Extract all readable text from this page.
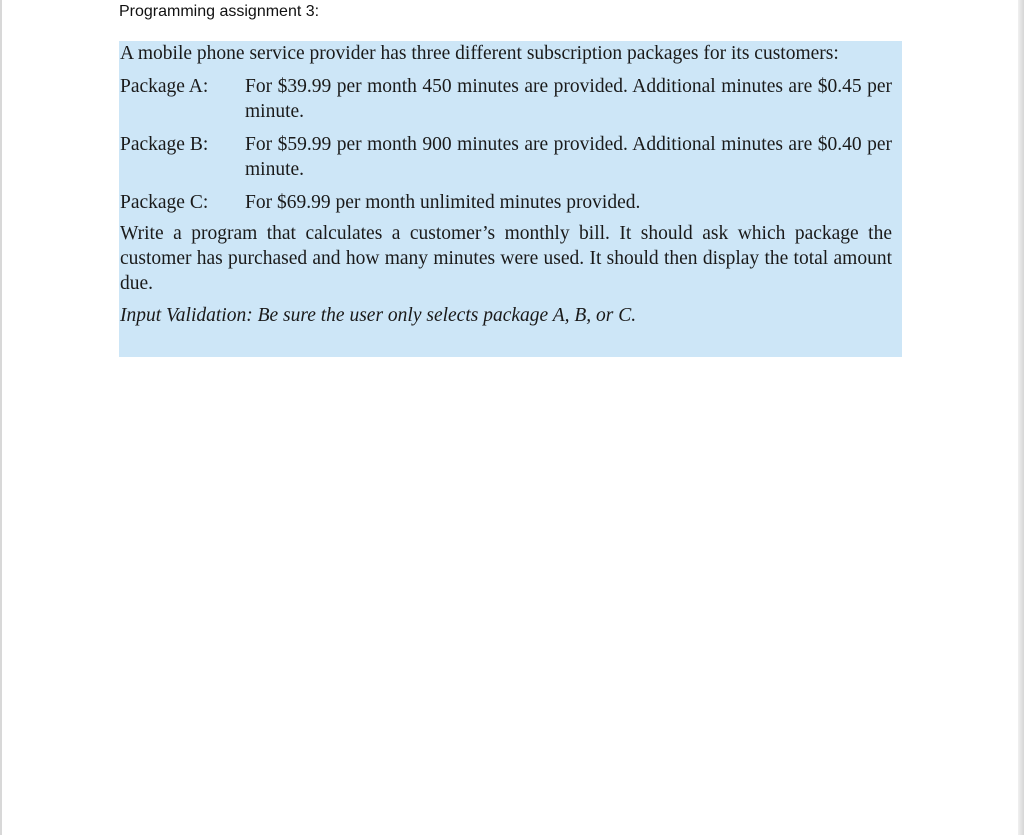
Programming assignment 3:

A mobile phone service provider has three different subscription packages for its customers:

Package A:	For $39.99 per month 450 minutes are provided. Additional minutes are $0.45 per minute.
Package B:	For $59.99 per month 900 minutes are provided. Additional minutes are $0.40 per minute.
Package C:	For $69.99 per month unlimited minutes provided.

Write a program that calculates a customer’s monthly bill. It should ask which package the customer has purchased and how many minutes were used. It should then display the total amount due.

Input Validation: Be sure the user only selects package A, B, or C.
